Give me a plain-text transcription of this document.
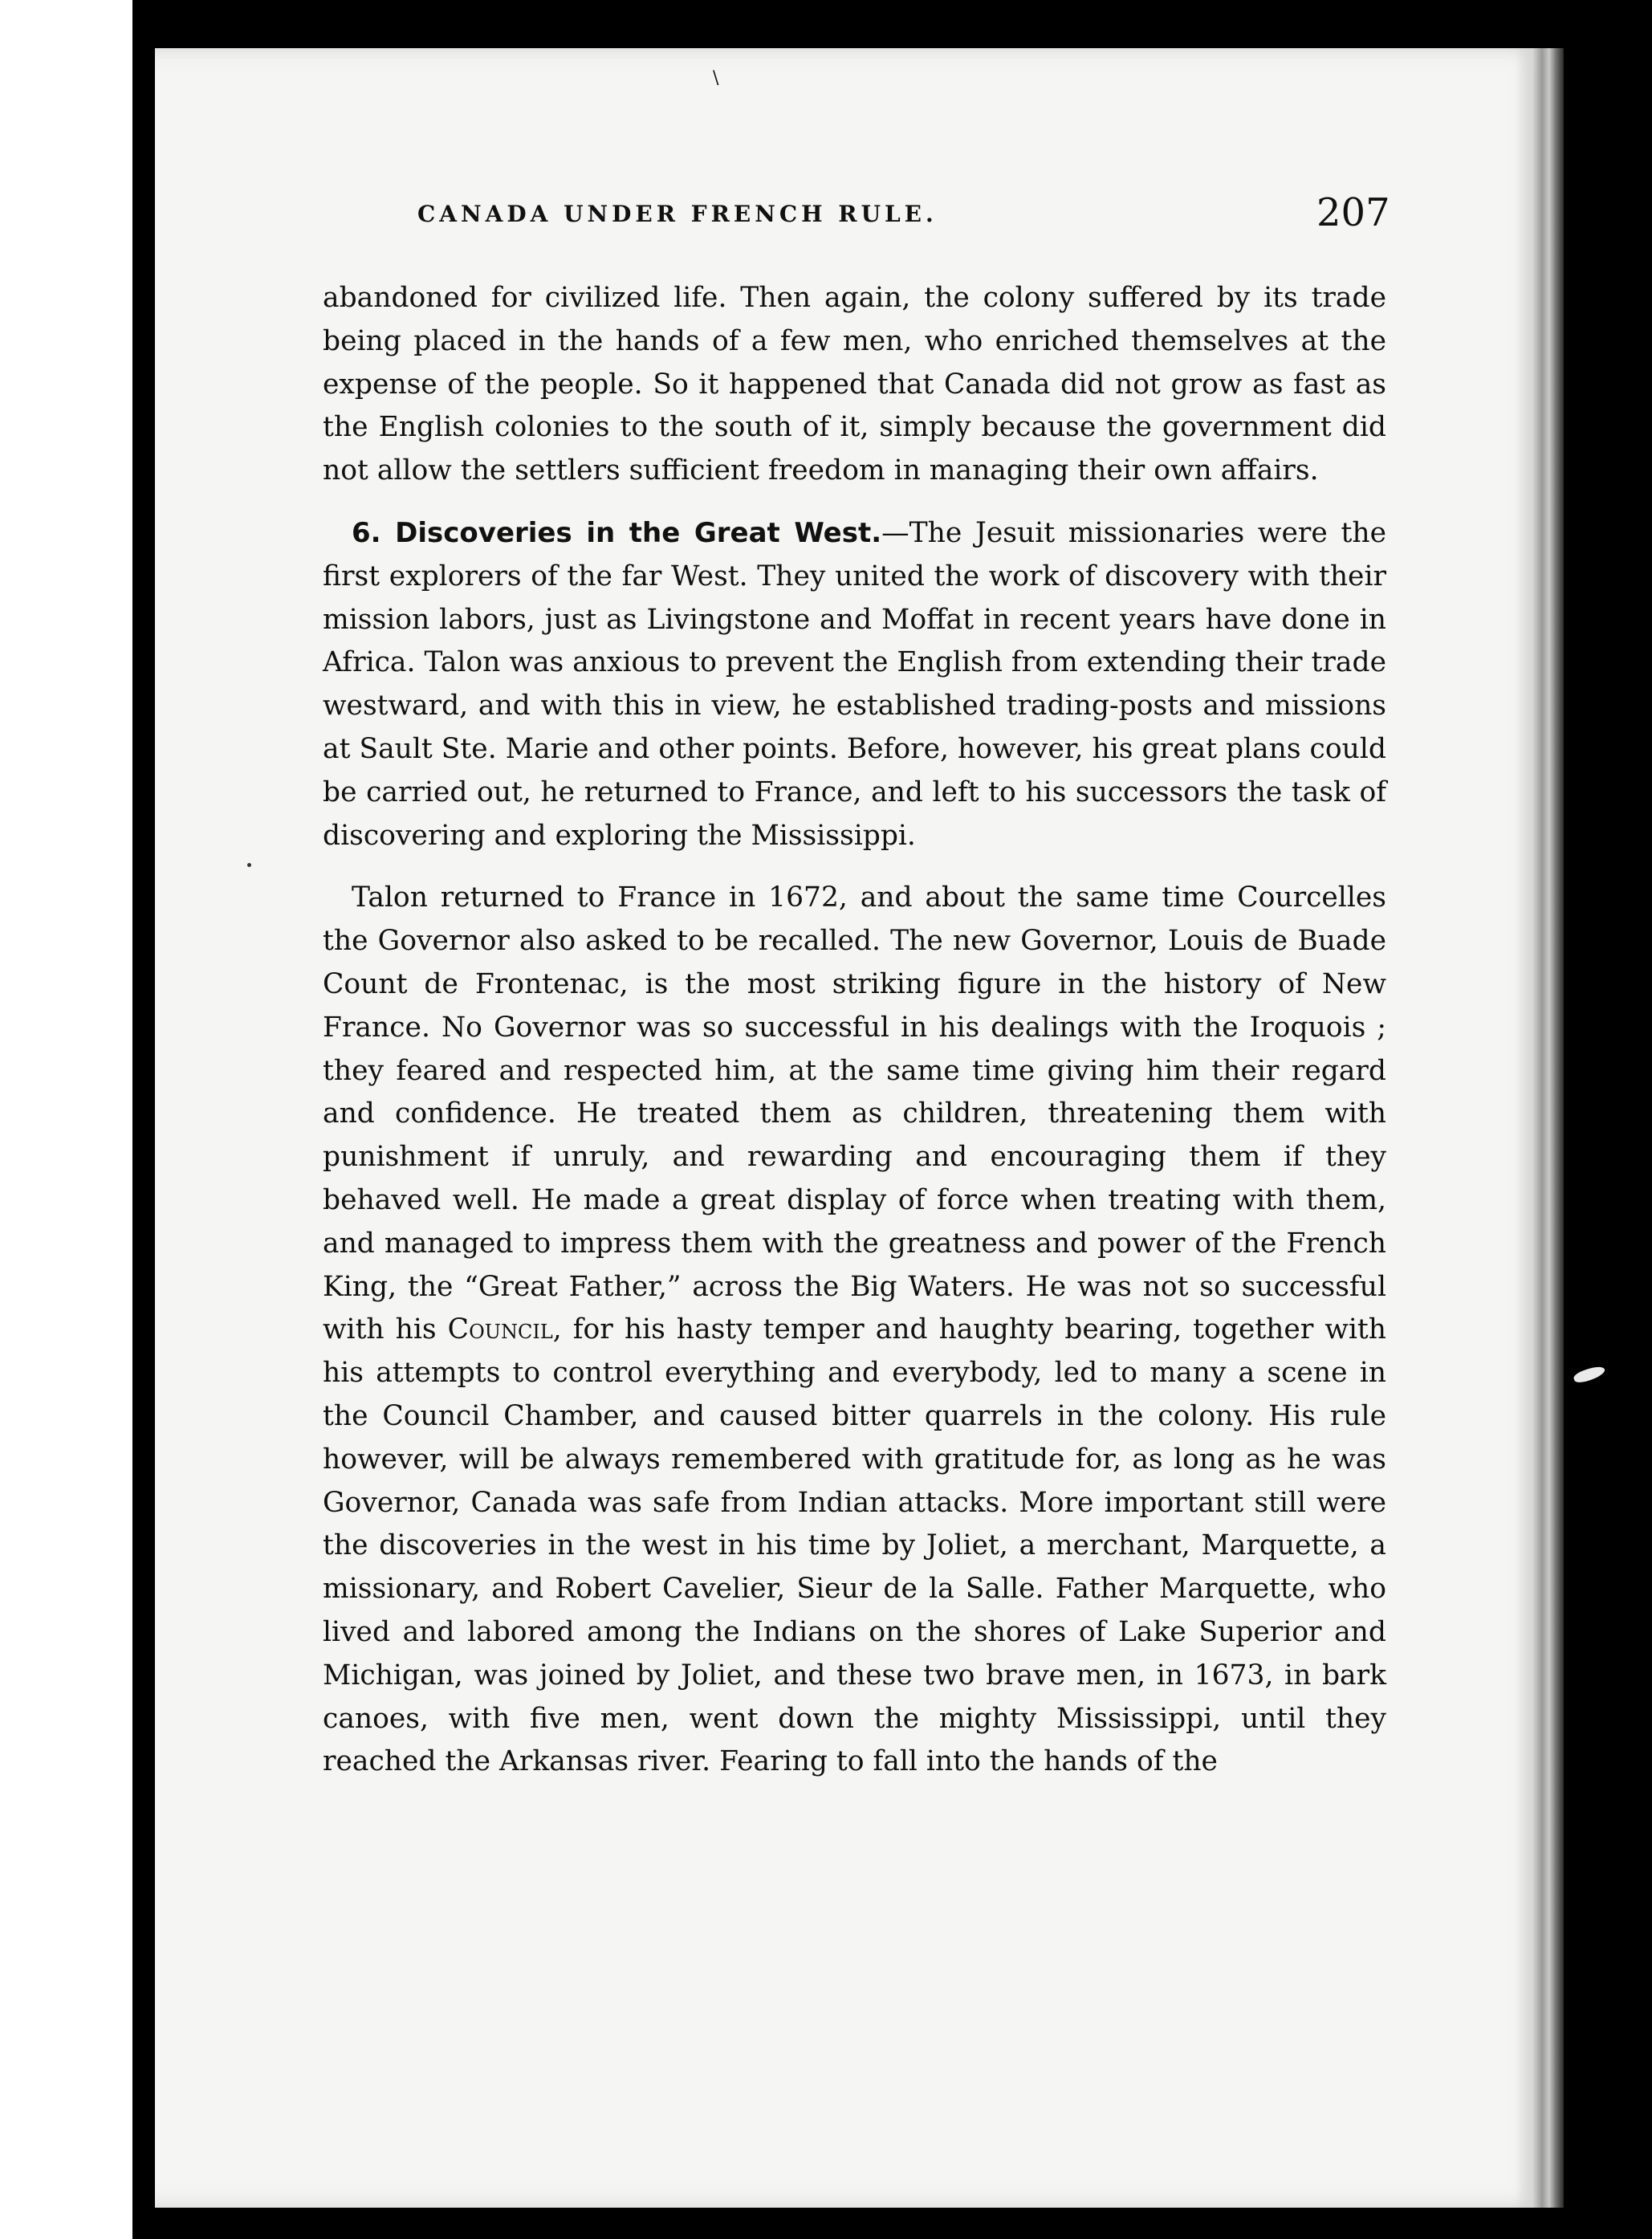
\
CANADA UNDER FRENCH RULE.	207

abandoned for civilized life. Then again, the colony suffered by its trade being placed in the hands of a few men, who enriched themselves at the expense of the people. So it happened that Canada did not grow as fast as the English colonies to the south of it, simply because the government did not allow the settlers sufficient freedom in managing their own affairs.

6. Discoveries in the Great West.—The Jesuit missionaries were the first explorers of the far West. They united the work of discovery with their mission labors, just as Livingstone and Moffat in recent years have done in Africa. Talon was anxious to prevent the English from extending their trade westward, and with this in view, he established trading-posts and missions at Sault Ste. Marie and other points. Before, however, his great plans could be carried out, he returned to France, and left to his successors the task of discovering and exploring the Mississippi.

Talon returned to France in 1672, and about the same time Courcelles the Governor also asked to be recalled. The new Governor, Louis de Buade Count de Frontenac, is the most striking figure in the history of New France. No Governor was so successful in his dealings with the Iroquois ; they feared and respected him, at the same time giving him their regard and confidence. He treated them as children, threatening them with punishment if unruly, and rewarding and encouraging them if they behaved well. He made a great display of force when treating with them, and managed to impress them with the greatness and power of the French King, the “Great Father,” across the Big Waters. He was not so successful with his Council, for his hasty temper and haughty bearing, together with his attempts to control everything and everybody, led to many a scene in the Council Chamber, and caused bitter quarrels in the colony. His rule however, will be always remembered with gratitude for, as long as he was Governor, Canada was safe from Indian attacks. More important still were the discoveries in the west in his time by Joliet, a merchant, Marquette, a missionary, and Robert Cavelier, Sieur de la Salle. Father Marquette, who lived and labored among the Indians on the shores of Lake Superior and Michigan, was joined by Joliet, and these two brave men, in 1673, in bark canoes, with five men, went down the mighty Mississippi, until they reached the Arkansas river. Fearing to fall into the hands of the
